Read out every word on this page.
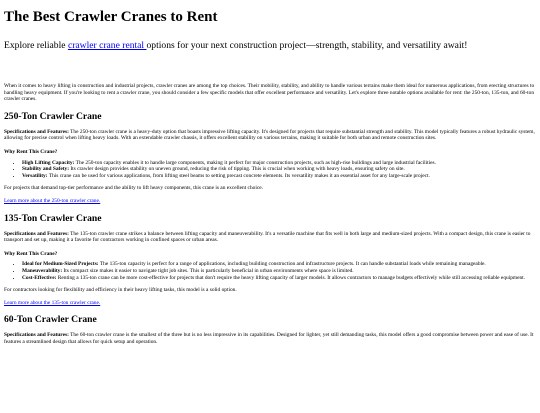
The Best Crawler Cranes to Rent

Explore reliable crawler crane rental options for your next construction project—strength, stability, and versatility await!

When it comes to heavy lifting in construction and industrial projects, crawler cranes are among the top choices. Their mobility, stability, and ability to handle various terrains make them ideal for numerous applications, from erecting structures to handling heavy equipment. If you're looking to rent a crawler crane, you should consider a few specific models that offer excellent performance and versatility. Let's explore three notable options available for rent: the 250-ton, 135-ton, and 60-ton crawler cranes.

250-Ton Crawler Crane

Specifications and Features: The 250-ton crawler crane is a heavy-duty option that boasts impressive lifting capacity. It's designed for projects that require substantial strength and stability. This model typically features a robust hydraulic system, allowing for precise control when lifting heavy loads. With an extendable crawler chassis, it offers excellent stability on various terrains, making it suitable for both urban and remote construction sites.

Why Rent This Crane?
• High Lifting Capacity: The 250-ton capacity enables it to handle large components, making it perfect for major construction projects, such as high-rise buildings and large industrial facilities.
• Stability and Safety: Its crawler design provides stability on uneven ground, reducing the risk of tipping. This is crucial when working with heavy loads, ensuring safety on site.
• Versatility: This crane can be used for various applications, from lifting steel beams to setting precast concrete elements. Its versatility makes it an essential asset for any large-scale project.

For projects that demand top-tier performance and the ability to lift heavy components, this crane is an excellent choice.

Learn more about the 250-ton crawler crane.

135-Ton Crawler Crane

Specifications and Features: The 135-ton crawler crane strikes a balance between lifting capacity and maneuverability. It's a versatile machine that fits well in both large and medium-sized projects. With a compact design, this crane is easier to transport and set up, making it a favorite for contractors working in confined spaces or urban areas.

Why Rent This Crane?
• Ideal for Medium-Sized Projects: The 135-ton capacity is perfect for a range of applications, including building construction and infrastructure projects. It can handle substantial loads while remaining manageable.
• Maneuverability: Its compact size makes it easier to navigate tight job sites. This is particularly beneficial in urban environments where space is limited.
• Cost-Effective: Renting a 135-ton crane can be more cost-effective for projects that don't require the heavy lifting capacity of larger models. It allows contractors to manage budgets effectively while still accessing reliable equipment.

For contractors looking for flexibility and efficiency in their heavy lifting tasks, this model is a solid option.

Learn more about the 135-ton crawler crane.

60-Ton Crawler Crane

Specifications and Features: The 60-ton crawler crane is the smallest of the three but is no less impressive in its capabilities. Designed for lighter, yet still demanding tasks, this model offers a good compromise between power and ease of use. It features a streamlined design that allows for quick setup and operation.
